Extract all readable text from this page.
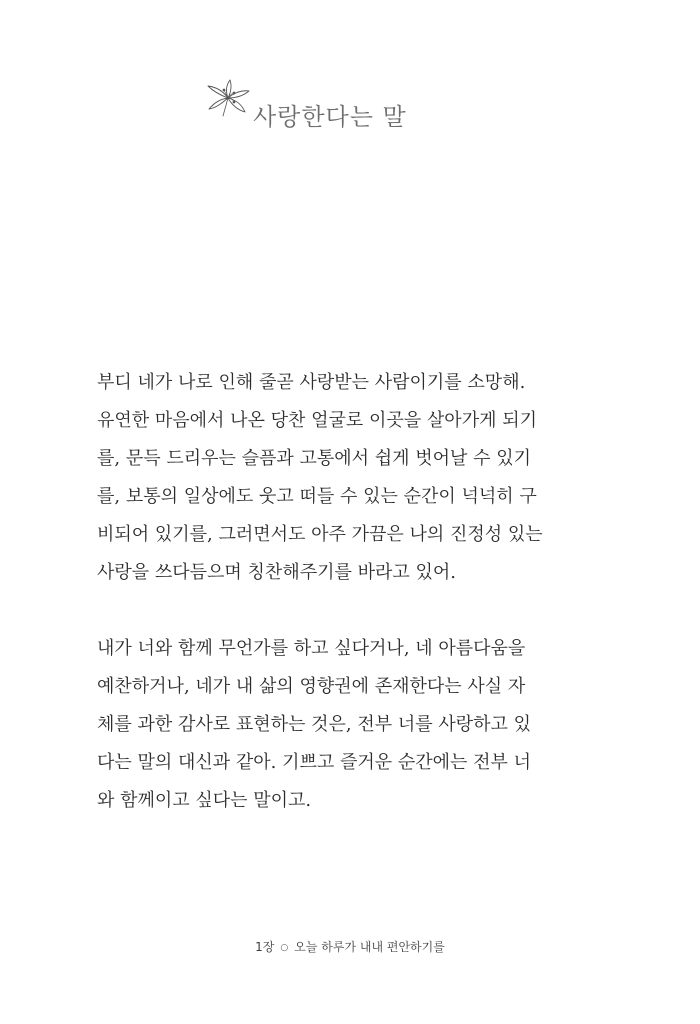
사랑한다는 말

부디 네가 나로 인해 줄곧 사랑받는 사람이기를 소망해.
유연한 마음에서 나온 당찬 얼굴로 이곳을 살아가게 되기
를, 문득 드리우는 슬픔과 고통에서 쉽게 벗어날 수 있기
를, 보통의 일상에도 웃고 떠들 수 있는 순간이 넉넉히 구
비되어 있기를, 그러면서도 아주 가끔은 나의 진정성 있는
사랑을 쓰다듬으며 칭찬해주기를 바라고 있어.

내가 너와 함께 무언가를 하고 싶다거나, 네 아름다움을
예찬하거나, 네가 내 삶의 영향권에 존재한다는 사실 자
체를 과한 감사로 표현하는 것은, 전부 너를 사랑하고 있
다는 말의 대신과 같아. 기쁘고 즐거운 순간에는 전부 너
와 함께이고 싶다는 말이고.

1장 ○ 오늘 하루가 내내 편안하기를
